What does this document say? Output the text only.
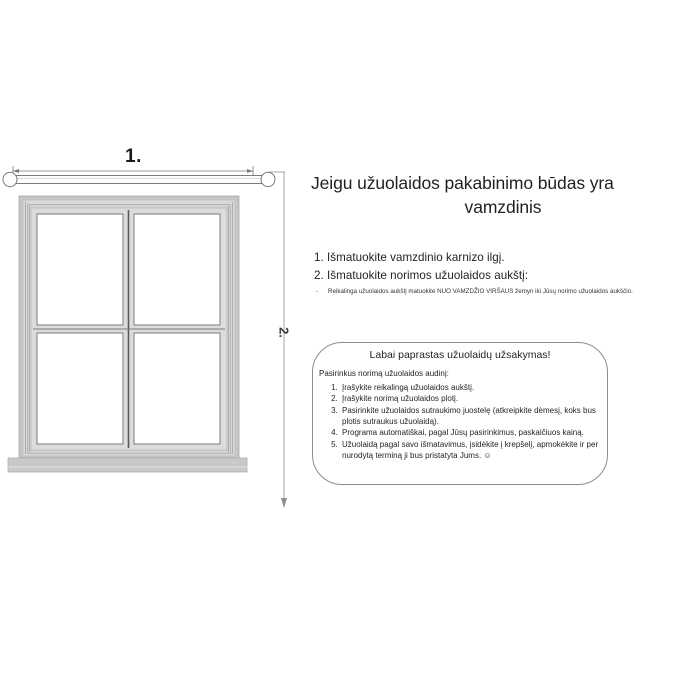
1.
2.
Jeigu užuolaidos pakabinimo būdas yra
vamzdinis
1. Išmatuokite vamzdinio karnizo ilgį.
2. Išmatuokite norimos užuolaidos aukštį:
- Reikalinga užuolaidos aukštį matuokite NUO VAMZDŽIO VIRŠAUS žemyn iki Jūsų norimo užuolaidos aukščio.
Labai paprastas užuolaidų užsakymas!
Pasirinkus norimą užuolaidos audinį:
1. Įrašykite reikalingą užuolaidos aukštį.
2. Įrašykite norimą užuolaidos plotį.
3. Pasirinkite užuolaidos sutraukimo juostelę (atkreipkite dėmesį, koks bus plotis sutraukus užuolaidą).
4. Programa automatiškai, pagal Jūsų pasirinkimus, paskaičiuos kainą.
5. Užuolaidą pagal savo išmatavimus, įsidėkite į krepšelį, apmokėkite ir per nurodytą terminą ji bus pristatyta Jums. ☺
